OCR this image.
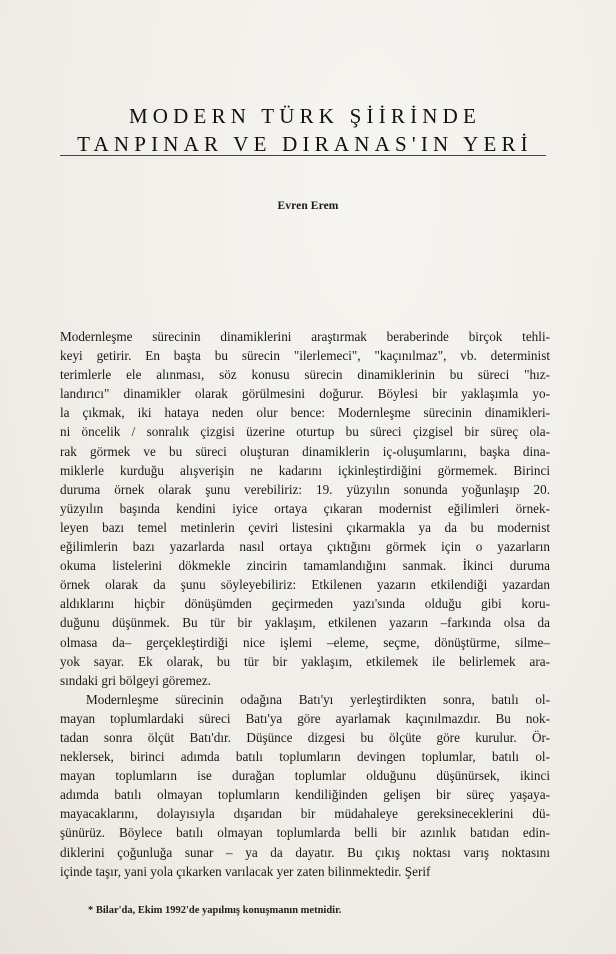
MODERN TÜRK ŞİİRİNDE
TANPINAR VE DIRANAS'IN YERİ
Evren Erem
Modernleşme sürecinin dinamiklerini araştırmak beraberinde birçok tehli-
keyi getirir. En başta bu sürecin "ilerlemeci", "kaçınılmaz", vb. determinist
terimlerle ele alınması, söz konusu sürecin dinamiklerinin bu süreci "hız-
landırıcı" dinamikler olarak görülmesini doğurur. Böylesi bir yaklaşımla yo-
la çıkmak, iki hataya neden olur bence: Modernleşme sürecinin dinamikleri-
ni öncelik / sonralık çizgisi üzerine oturtup bu süreci çizgisel bir süreç ola-
rak görmek ve bu süreci oluşturan dinamiklerin iç-oluşumlarını, başka dina-
miklerle kurduğu alışverişin ne kadarını içkinleştirdiğini görmemek. Birinci
duruma örnek olarak şunu verebiliriz: 19. yüzyılın sonunda yoğunlaşıp 20.
yüzyılın başında kendini iyice ortaya çıkaran modernist eğilimleri örnek-
leyen bazı temel metinlerin çeviri listesini çıkarmakla ya da bu modernist
eğilimlerin bazı yazarlarda nasıl ortaya çıktığını görmek için o yazarların
okuma listelerini dökmekle zincirin tamamlandığını sanmak. İkinci duruma
örnek olarak da şunu söyleyebiliriz: Etkilenen yazarın etkilendiği yazardan
aldıklarını hiçbir dönüşümden geçirmeden yazı'sında olduğu gibi koru-
duğunu düşünmek. Bu tür bir yaklaşım, etkilenen yazarın –farkında olsa da
olmasa da– gerçekleştirdiği nice işlemi –eleme, seçme, dönüştürme, silme–
yok sayar. Ek olarak, bu tür bir yaklaşım, etkilemek ile belirlemek ara-
sındaki gri bölgeyi göremez.
Modernleşme sürecinin odağına Batı'yı yerleştirdikten sonra, batılı ol-
mayan toplumlardaki süreci Batı'ya göre ayarlamak kaçınılmazdır. Bu nok-
tadan sonra ölçüt Batı'dır. Düşünce dizgesi bu ölçüte göre kurulur. Ör-
neklersek, birinci adımda batılı toplumların devingen toplumlar, batılı ol-
mayan toplumların ise durağan toplumlar olduğunu düşünürsek, ikinci
adımda batılı olmayan toplumların kendiliğinden gelişen bir süreç yaşaya-
mayacaklarını, dolayısıyla dışarıdan bir müdahaleye gereksineceklerini dü-
şünürüz. Böylece batılı olmayan toplumlarda belli bir azınlık batıdan edin-
diklerini çoğunluğa sunar – ya da dayatır. Bu çıkış noktası varış noktasını
içinde taşır, yani yola çıkarken varılacak yer zaten bilinmektedir. Şerif
* Bilar'da, Ekim 1992'de yapılmış konuşmanın metnidir.
